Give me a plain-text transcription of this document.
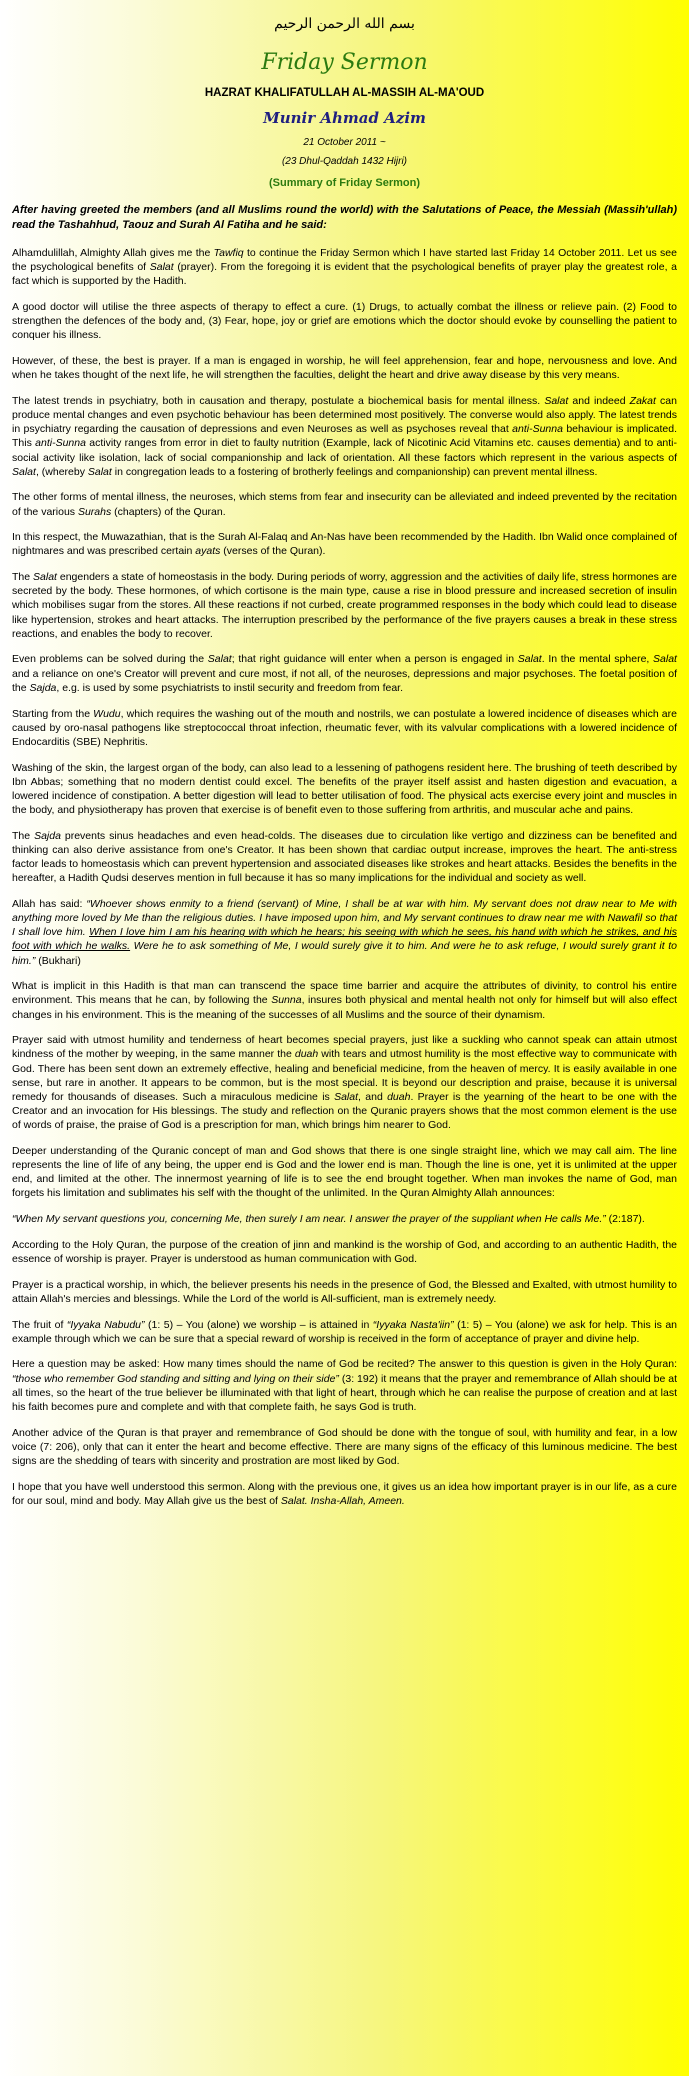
بسم الله الرحمن الرحيم
Friday Sermon
HAZRAT KHALIFATULLAH AL-MASSIH AL-MA'OUD
Munir Ahmad Azim
21 October 2011 ~
(23 Dhul-Qaddah 1432 Hijri)
(Summary of Friday Sermon)
After having greeted the members (and all Muslims round the world) with the Salutations of Peace, the Messiah (Massih'ullah) read the Tashahhud, Taouz and Surah Al Fatiha and he said:

Alhamdulillah, Almighty Allah gives me the Tawfiq to continue the Friday Sermon which I have started last Friday 14 October 2011. Let us see the psychological benefits of Salat (prayer). From the foregoing it is evident that the psychological benefits of prayer play the greatest role, a fact which is supported by the Hadith.

A good doctor will utilise the three aspects of therapy to effect a cure. (1) Drugs, to actually combat the illness or relieve pain. (2) Food to strengthen the defences of the body and, (3) Fear, hope, joy or grief are emotions which the doctor should evoke by counselling the patient to conquer his illness.

However, of these, the best is prayer. If a man is engaged in worship, he will feel apprehension, fear and hope, nervousness and love. And when he takes thought of the next life, he will strengthen the faculties, delight the heart and drive away disease by this very means.

The latest trends in psychiatry, both in causation and therapy, postulate a biochemical basis for mental illness. Salat and indeed Zakat can produce mental changes and even psychotic behaviour has been determined most positively. The converse would also apply. The latest trends in psychiatry regarding the causation of depressions and even Neuroses as well as psychoses reveal that anti-Sunna behaviour is implicated. This anti-Sunna activity ranges from error in diet to faulty nutrition (Example, lack of Nicotinic Acid Vitamins etc. causes dementia) and to anti-social activity like isolation, lack of social companionship and lack of orientation. All these factors which represent in the various aspects of Salat, (whereby Salat in congregation leads to a fostering of brotherly feelings and companionship) can prevent mental illness.

The other forms of mental illness, the neuroses, which stems from fear and insecurity can be alleviated and indeed prevented by the recitation of the various Surahs (chapters) of the Quran.

In this respect, the Muwazathian, that is the Surah Al-Falaq and An-Nas have been recommended by the Hadith. Ibn Walid once complained of nightmares and was prescribed certain ayats (verses of the Quran).

The Salat engenders a state of homeostasis in the body. During periods of worry, aggression and the activities of daily life, stress hormones are secreted by the body. These hormones, of which cortisone is the main type, cause a rise in blood pressure and increased secretion of insulin which mobilises sugar from the stores. All these reactions if not curbed, create programmed responses in the body which could lead to disease like hypertension, strokes and heart attacks. The interruption prescribed by the performance of the five prayers causes a break in these stress reactions, and enables the body to recover.

Even problems can be solved during the Salat; that right guidance will enter when a person is engaged in Salat. In the mental sphere, Salat and a reliance on one's Creator will prevent and cure most, if not all, of the neuroses, depressions and major psychoses. The foetal position of the Sajda, e.g. is used by some psychiatrists to instil security and freedom from fear.

Starting from the Wudu, which requires the washing out of the mouth and nostrils, we can postulate a lowered incidence of diseases which are caused by oro-nasal pathogens like streptococcal throat infection, rheumatic fever, with its valvular complications with a lowered incidence of Endocarditis (SBE) Nephritis.

Washing of the skin, the largest organ of the body, can also lead to a lessening of pathogens resident here. The brushing of teeth described by Ibn Abbas; something that no modern dentist could excel. The benefits of the prayer itself assist and hasten digestion and evacuation, a lowered incidence of constipation. A better digestion will lead to better utilisation of food. The physical acts exercise every joint and muscles in the body, and physiotherapy has proven that exercise is of benefit even to those suffering from arthritis, and muscular ache and pains.

The Sajda prevents sinus headaches and even head-colds. The diseases due to circulation like vertigo and dizziness can be benefited and thinking can also derive assistance from one's Creator. It has been shown that cardiac output increase, improves the heart. The anti-stress factor leads to homeostasis which can prevent hypertension and associated diseases like strokes and heart attacks. Besides the benefits in the hereafter, a Hadith Qudsi deserves mention in full because it has so many implications for the individual and society as well.

Allah has said: “Whoever shows enmity to a friend (servant) of Mine, I shall be at war with him. My servant does not draw near to Me with anything more loved by Me than the religious duties. I have imposed upon him, and My servant continues to draw near me with Nawafil so that I shall love him. When I love him I am his hearing with which he hears; his seeing with which he sees, his hand with which he strikes, and his foot with which he walks. Were he to ask something of Me, I would surely give it to him. And were he to ask refuge, I would surely grant it to him.” (Bukhari)

What is implicit in this Hadith is that man can transcend the space time barrier and acquire the attributes of divinity, to control his entire environment. This means that he can, by following the Sunna, insures both physical and mental health not only for himself but will also effect changes in his environment. This is the meaning of the successes of all Muslims and the source of their dynamism.

Prayer said with utmost humility and tenderness of heart becomes special prayers, just like a suckling who cannot speak can attain utmost kindness of the mother by weeping, in the same manner the duah with tears and utmost humility is the most effective way to communicate with God. There has been sent down an extremely effective, healing and beneficial medicine, from the heaven of mercy. It is easily available in one sense, but rare in another. It appears to be common, but is the most special. It is beyond our description and praise, because it is universal remedy for thousands of diseases. Such a miraculous medicine is Salat, and duah. Prayer is the yearning of the heart to be one with the Creator and an invocation for His blessings. The study and reflection on the Quranic prayers shows that the most common element is the use of words of praise, the praise of God is a prescription for man, which brings him nearer to God.

Deeper understanding of the Quranic concept of man and God shows that there is one single straight line, which we may call aim. The line represents the line of life of any being, the upper end is God and the lower end is man. Though the line is one, yet it is unlimited at the upper end, and limited at the other. The innermost yearning of life is to see the end brought together. When man invokes the name of God, man forgets his limitation and sublimates his self with the thought of the unlimited. In the Quran Almighty Allah announces:

“When My servant questions you, concerning Me, then surely I am near. I answer the prayer of the suppliant when He calls Me.” (2:187).

According to the Holy Quran, the purpose of the creation of jinn and mankind is the worship of God, and according to an authentic Hadith, the essence of worship is prayer. Prayer is understood as human communication with God.

Prayer is a practical worship, in which, the believer presents his needs in the presence of God, the Blessed and Exalted, with utmost humility to attain Allah's mercies and blessings. While the Lord of the world is All-sufficient, man is extremely needy.

The fruit of “Iyyaka Nabudu” (1: 5) – You (alone) we worship – is attained in “Iyyaka Nasta'iin” (1: 5) – You (alone) we ask for help. This is an example through which we can be sure that a special reward of worship is received in the form of acceptance of prayer and divine help.

Here a question may be asked: How many times should the name of God be recited? The answer to this question is given in the Holy Quran: “those who remember God standing and sitting and lying on their side” (3: 192) it means that the prayer and remembrance of Allah should be at all times, so the heart of the true believer be illuminated with that light of heart, through which he can realise the purpose of creation and at last his faith becomes pure and complete and with that complete faith, he says God is truth.

Another advice of the Quran is that prayer and remembrance of God should be done with the tongue of soul, with humility and fear, in a low voice (7: 206), only that can it enter the heart and become effective. There are many signs of the efficacy of this luminous medicine. The best signs are the shedding of tears with sincerity and prostration are most liked by God.

I hope that you have well understood this sermon. Along with the previous one, it gives us an idea how important prayer is in our life, as a cure for our soul, mind and body. May Allah give us the best of Salat. Insha-Allah, Ameen.
